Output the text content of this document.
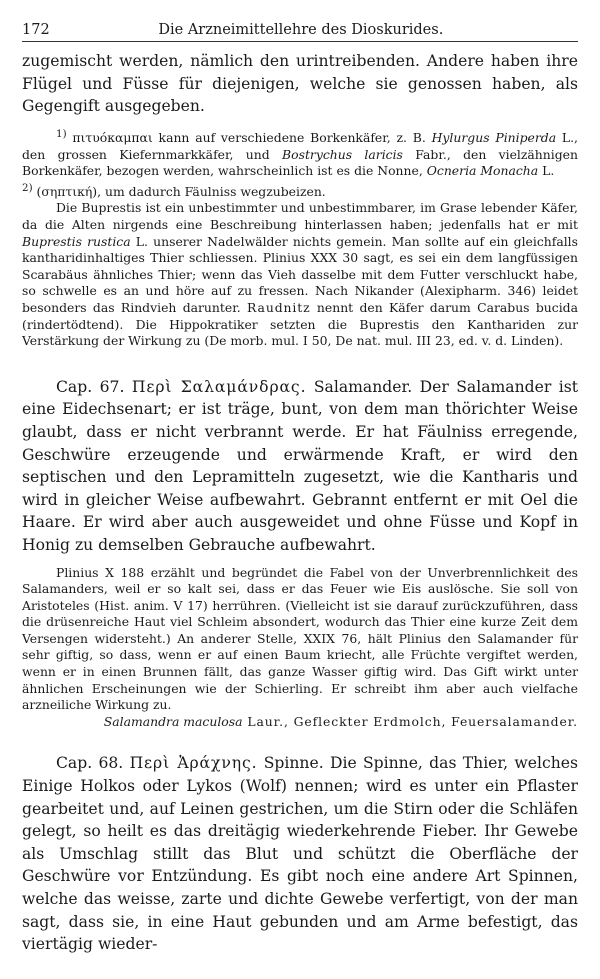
172	Die Arzneimittellehre des Dioskurides.

zugemischt werden, nämlich den urintreibenden. Andere haben ihre Flügel und Füsse für diejenigen, welche sie genossen haben, als Gegengift ausgegeben.

$^{1)}$ πιτυόκαμπαι kann auf verschiedene Borkenkäfer, z. B. Hylurgus Piniperda L., den grossen Kiefernmarkkäfer, und Bostrychus laricis Fabr., den vielzähnigen Borkenkäfer, bezogen werden, wahrscheinlich ist es die Nonne, Ocneria Monacha L.

$^{2)}$ (σηπτική), um dadurch Fäulniss wegzubeizen.

Die Buprestis ist ein unbestimmter und unbestimmbarer, im Grase lebender Käfer, da die Alten nirgends eine Beschreibung hinterlassen haben; jedenfalls hat er mit Buprestis rustica L. unserer Nadelwälder nichts gemein. Man sollte auf ein gleichfalls kantharidinhaltiges Thier schliessen. Plinius XXX 30 sagt, es sei ein dem langfüssigen Scarabäus ähnliches Thier; wenn das Vieh dasselbe mit dem Futter verschluckt habe, so schwelle es an und höre auf zu fressen. Nach Nikander (Alexipharm. 346) leidet besonders das Rindvieh darunter. Raudnitz nennt den Käfer darum Carabus bucida (rindertödtend). Die Hippokratiker setzten die Buprestis den Kanthariden zur Verstärkung der Wirkung zu (De morb. mul. I 50, De nat. mul. III 23, ed. v. d. Linden).

Cap. 67. Περὶ Σαλαμάνδρας. Salamander. Der Salamander ist eine Eidechsenart; er ist träge, bunt, von dem man thörichter Weise glaubt, dass er nicht verbrannt werde. Er hat Fäulniss erregende, Geschwüre erzeugende und erwärmende Kraft, er wird den septischen und den Lepramitteln zugesetzt, wie die Kantharis und wird in gleicher Weise aufbewahrt. Gebrannt entfernt er mit Oel die Haare. Er wird aber auch ausgeweidet und ohne Füsse und Kopf in Honig zu demselben Gebrauche aufbewahrt.

Plinius X 188 erzählt und begründet die Fabel von der Unverbrennlichkeit des Salamanders, weil er so kalt sei, dass er das Feuer wie Eis auslösche. Sie soll von Aristoteles (Hist. anim. V 17) herrühren. (Vielleicht ist sie darauf zurückzuführen, dass die drüsenreiche Haut viel Schleim absondert, wodurch das Thier eine kurze Zeit dem Versengen widersteht.) An anderer Stelle, XXIX 76, hält Plinius den Salamander für sehr giftig, so dass, wenn er auf einen Baum kriecht, alle Früchte vergiftet werden, wenn er in einen Brunnen fällt, das ganze Wasser giftig wird. Das Gift wirkt unter ähnlichen Erscheinungen wie der Schierling. Er schreibt ihm aber auch vielfache arzneiliche Wirkung zu.

Salamandra maculosa Laur., Gefleckter Erdmolch, Feuersalamander.

Cap. 68. Περὶ Ἀράχνης. Spinne. Die Spinne, das Thier, welches Einige Holkos oder Lykos (Wolf) nennen; wird es unter ein Pflaster gearbeitet und, auf Leinen gestrichen, um die Stirn oder die Schläfen gelegt, so heilt es das dreitägig wiederkehrende Fieber. Ihr Gewebe als Umschlag stillt das Blut und schützt die Oberfläche der Geschwüre vor Entzündung. Es gibt noch eine andere Art Spinnen, welche das weisse, zarte und dichte Gewebe verfertigt, von der man sagt, dass sie, in eine Haut gebunden und am Arme befestigt, das viertägig wieder-
